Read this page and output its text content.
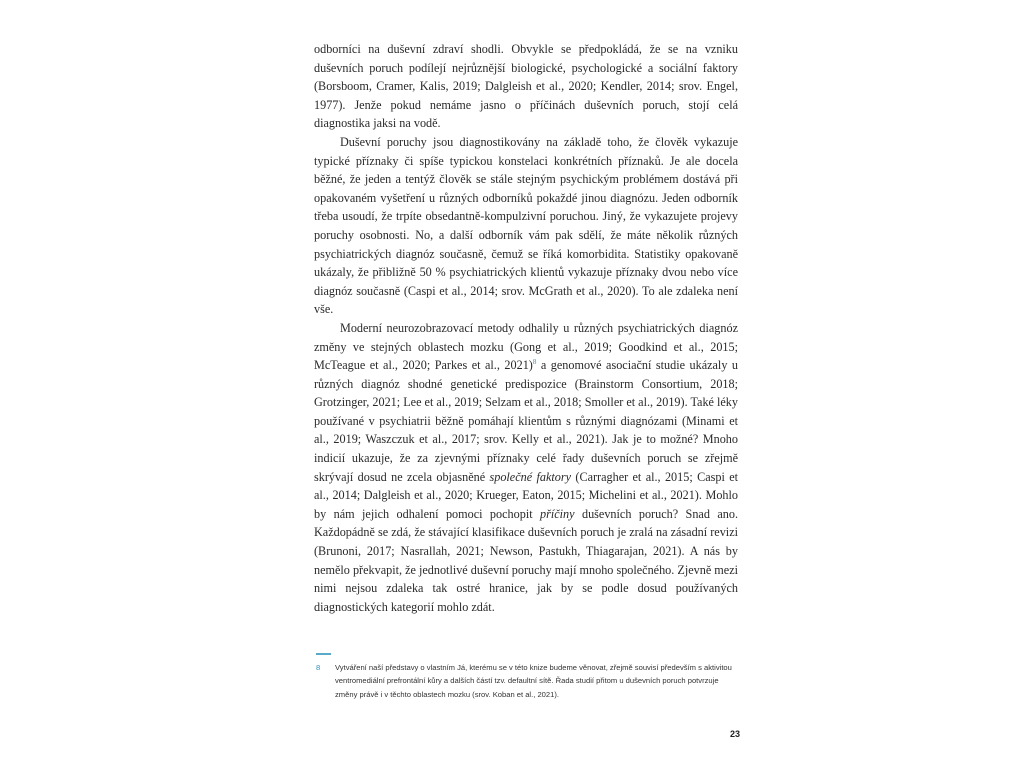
odborníci na duševní zdraví shodli. Obvykle se předpokládá, že se na vzniku duševních poruch podílejí nejrůznější biologické, psychologické a sociální faktory (Borsboom, Cramer, Kalis, 2019; Dalgleish et al., 2020; Kendler, 2014; srov. Engel, 1977). Jenže pokud nemáme jasno o příčinách duševních poruch, stojí celá diagnostika jaksi na vodě.

Duševní poruchy jsou diagnostikovány na základě toho, že člověk vykazuje typické příznaky či spíše typickou konstelaci konkrétních příznaků. Je ale docela běžné, že jeden a tentýž člověk se stále stejným psychickým problémem dostává při opakovaném vyšetření u různých odborníků pokaždé jinou diagnózu. Jeden odborník třeba usoudí, že trpíte obsedantně-kompulzivní poruchou. Jiný, že vykazujete projevy poruchy osobnosti. No, a další odborník vám pak sdělí, že máte několik různých psychiatrických diagnóz současně, čemuž se říká komorbidita. Statistiky opakovaně ukázaly, že přibližně 50 % psychiatrických klientů vykazuje příznaky dvou nebo více diagnóz současně (Caspi et al., 2014; srov. McGrath et al., 2020). To ale zdaleka není vše.

Moderní neurozobrazovací metody odhalily u různých psychiatrických diagnóz změny ve stejných oblastech mozku (Gong et al., 2019; Goodkind et al., 2015; McTeague et al., 2020; Parkes et al., 2021)$^8$ a genomové asociační studie ukázaly u různých diagnóz shodné genetické predispozice (Brainstorm Consortium, 2018; Grotzinger, 2021; Lee et al., 2019; Selzam et al., 2018; Smoller et al., 2019). Také léky používané v psychiatrii běžně pomáhají klientům s různými diagnózami (Minami et al., 2019; Waszczuk et al., 2017; srov. Kelly et al., 2021). Jak je to možné? Mnoho indicií ukazuje, že za zjevnými příznaky celé řady duševních poruch se zřejmě skrývají dosud ne zcela objasněné společné faktory (Carragher et al., 2015; Caspi et al., 2014; Dalgleish et al., 2020; Krueger, Eaton, 2015; Michelini et al., 2021). Mohlo by nám jejich odhalení pomoci pochopit příčiny duševních poruch? Snad ano. Každopádně se zdá, že stávající klasifikace duševních poruch je zralá na zásadní revizi (Brunoni, 2017; Nasrallah, 2021; Newson, Pastukh, Thiagarajan, 2021). A nás by nemělo překvapit, že jednotlivé duševní poruchy mají mnoho společného. Zjevně mezi nimi nejsou zdaleka tak ostré hranice, jak by se podle dosud používaných diagnostických kategorií mohlo zdát.

8	Vytváření naší představy o vlastním Já, kterému se v této knize budeme věnovat, zřejmě souvisí především s aktivitou ventromediální prefrontální kůry a dalších částí tzv. defaultní sítě. Řada studií přitom u duševních poruch potvrzuje změny právě i v těchto oblastech mozku (srov. Koban et al., 2021).
23
